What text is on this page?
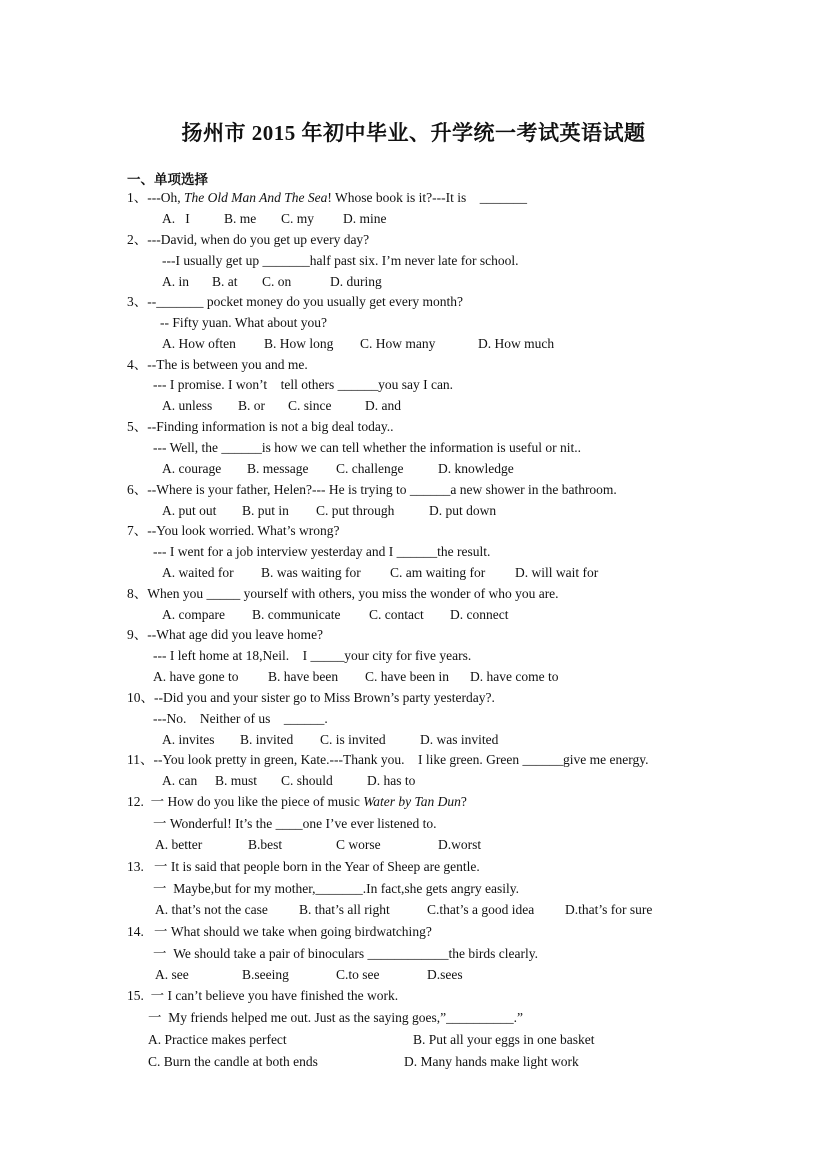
扬州市 2015 年初中毕业、升学统一考试英语试题
一、单项选择
1、---Oh, The Old Man And The Sea! Whose book is it?---It is    _______
A.   I	B. me C. my D. mine
2、---David, when do you get up every day?
---I usually get up _______half past six. I’m never late for school.
A. in B. at C. on	D. during
3、--_______ pocket money do you usually get every month?
-- Fifty yuan. What about you?
A. How often B. How long C. How many	D. How much
4、--The is between you and me.
--- I promise. I won’t    tell others ______you say I can.
A. unless B. or C. since D. and
5、--Finding information is not a big deal today..
--- Well, the ______is how we can tell whether the information is useful or nit..
A. courage B. message C. challenge	D. knowledge
6、--Where is your father, Helen?--- He is trying to ______a new shower in the bathroom.
A. put out B. put in C. put through	D. put down
7、--You look worried. What’s wrong?
--- I went for a job interview yesterday and I ______the result.
A. waited for B. was waiting for C. am waiting for D. will wait for
8、When you _____ yourself with others, you miss the wonder of who you are.
A. compare B. communicate C. contact D. connect
9、--What age did you leave home?
--- I left home at 18,Neil.    I _____your city for five years.
A. have gone to B. have been C. have been in D. have come to
10、--Did you and your sister go to Miss Brown’s party yesterday?.
---No.    Neither of us    ______.
A. invites B. invited C. is invited	D. was invited
11、--You look pretty in green, Kate.---Thank you.    I like green. Green ______give me energy.
A. can B. must C. should	D. has to
12.  一 How do you like the piece of music Water by Tan Dun?
一 Wonderful! It’s the ____one I’ve ever listened to.
A. better	B.best	C worse	D.worst
13.   一 It is said that people born in the Year of Sheep are gentle.
一  Maybe,but for my mother,_______.In fact,she gets angry easily.
A. that’s not the case B. that’s all right	C.that’s a good idea D.that’s for sure
14.   一 What should we take when going birdwatching?
一  We should take a pair of binoculars ____________the birds clearly.
A. see	B.seeing	C.to see	D.sees
15.  一 I can’t believe you have finished the work.
一  My friends helped me out. Just as the saying goes,”__________.”
A. Practice makes perfect	B. Put all your eggs in one basket
C. Burn the candle at both ends	D. Many hands make light work
